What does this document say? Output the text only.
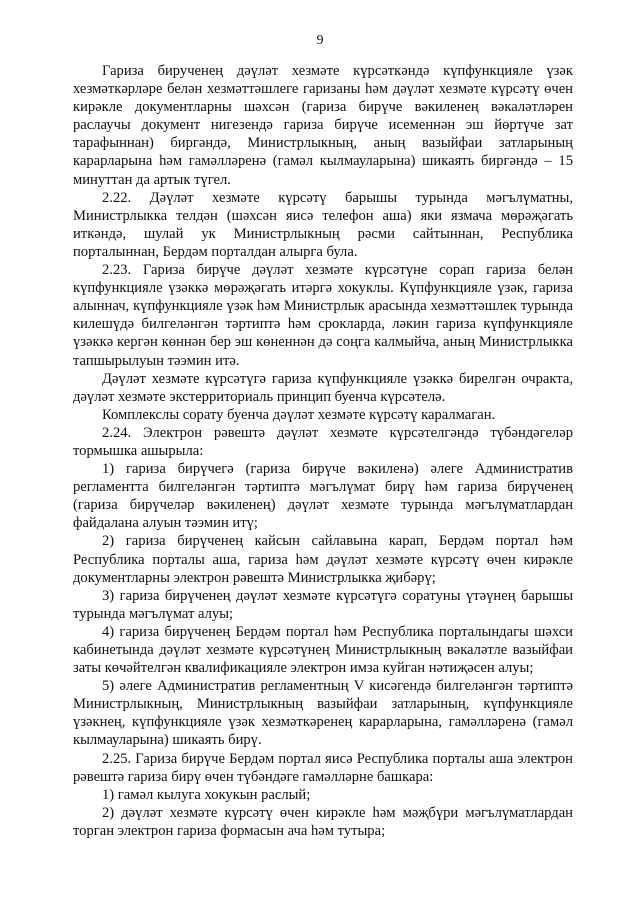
9

Гариза бирученең дәүләт хезмәте күрсәткәндә күпфункцияле үзәк хезмәткәрләре белән хезмәттәшлеге гаризаны һәм дәүләт хезмәте күрсәтү өчен кирәкле документларны шәхсән (гариза бирүче вәкиленең вәкаләтләрен раслаучы документ нигезендә гариза бирүче исеменнән эш йөртүче зат тарафыннан) биргәндә, Министрлыкның, аның вазыйфаи затларының карарларына һәм гамәлләренә (гамәл кылмауларына) шикаять биргәндә – 15 минуттан да артык түгел.

2.22. Дәүләт хезмәте күрсәтү барышы турында мәгълүматны, Министрлыкка телдән (шәхсән яисә телефон аша) яки язмача мөрәҗәгать иткәндә, шулай ук Министрлыкның рәсми сайтыннан, Республика порталыннан, Бердәм порталдан алырга була.

2.23. Гариза бирүче дәүләт хезмәте күрсәтүне сорап гариза белән күпфункцияле үзәккә мөрәҗәгать итәргә хокуклы. Күпфункцияле үзәк, гариза алыннач, күпфункцияле үзәк һәм Министрлык арасында хезмәттәшлек турында килешүдә билгеләнгән тәртиптә һәм срокларда, ләкин гариза күпфункцияле үзәккә кергән көннән бер эш көненнән дә соңга калмыйча, аның Министрлыкка тапшырылуын тәэмин итә.

Дәүләт хезмәте күрсәтүгә гариза күпфункцияле үзәккә бирелгән очракта, дәүләт хезмәте экстерриториаль принцип буенча күрсәтелә.

Комплекслы сорату буенча дәүләт хезмәте күрсәтү каралмаган.

2.24. Электрон рәвештә дәүләт хезмәте күрсәтелгәндә түбәндәгеләр тормышка ашырыла:

1) гариза бирүчегә (гариза бирүче вәкиленә) әлеге Административ регламентта билгеләнгән тәртиптә мәгълүмат бирү һәм гариза бирүченең (гариза бирүчеләр вәкиленең) дәүләт хезмәте турында мәгълүматлардан файдалана алуын тәэмин итү;

2) гариза бирүченең кайсын сайлавына карап, Бердәм портал һәм Республика порталы аша, гариза һәм дәүләт хезмәте күрсәтү өчен кирәкле документларны электрон рәвештә Министрлыкка җибәрү;

3) гариза бирүченең дәүләт хезмәте күрсәтүгә соратуны үтәүнең барышы турында мәгълүмат алуы;

4) гариза бирүченең Бердәм портал һәм Республика порталындагы шәхси кабинетында дәүләт хезмәте күрсәтүнең Министрлыкның вәкаләтле вазыйфаи заты көчәйтелгән квалификацияле электрон имза куйган нәтиҗәсен алуы;

5) әлеге Административ регламентның V кисәгендә билгеләнгән тәртиптә Министрлыкның, Министрлыкның вазыйфаи затларының, күпфункцияле үзәкнең, күпфункцияле үзәк хезмәткәренең карарларына, гамәлләренә (гамәл кылмауларына) шикаять бирү.

2.25. Гариза бирүче Бердәм портал яисә Республика порталы аша электрон рәвештә гариза бирү өчен түбәндәге гамәлләрне башкара:

1) гамәл кылуга хокукын раслый;

2) дәүләт хезмәте күрсәтү өчен кирәкле һәм мәҗбүри мәгълүматлардан торган электрон гариза формасын ача һәм тутыра;
